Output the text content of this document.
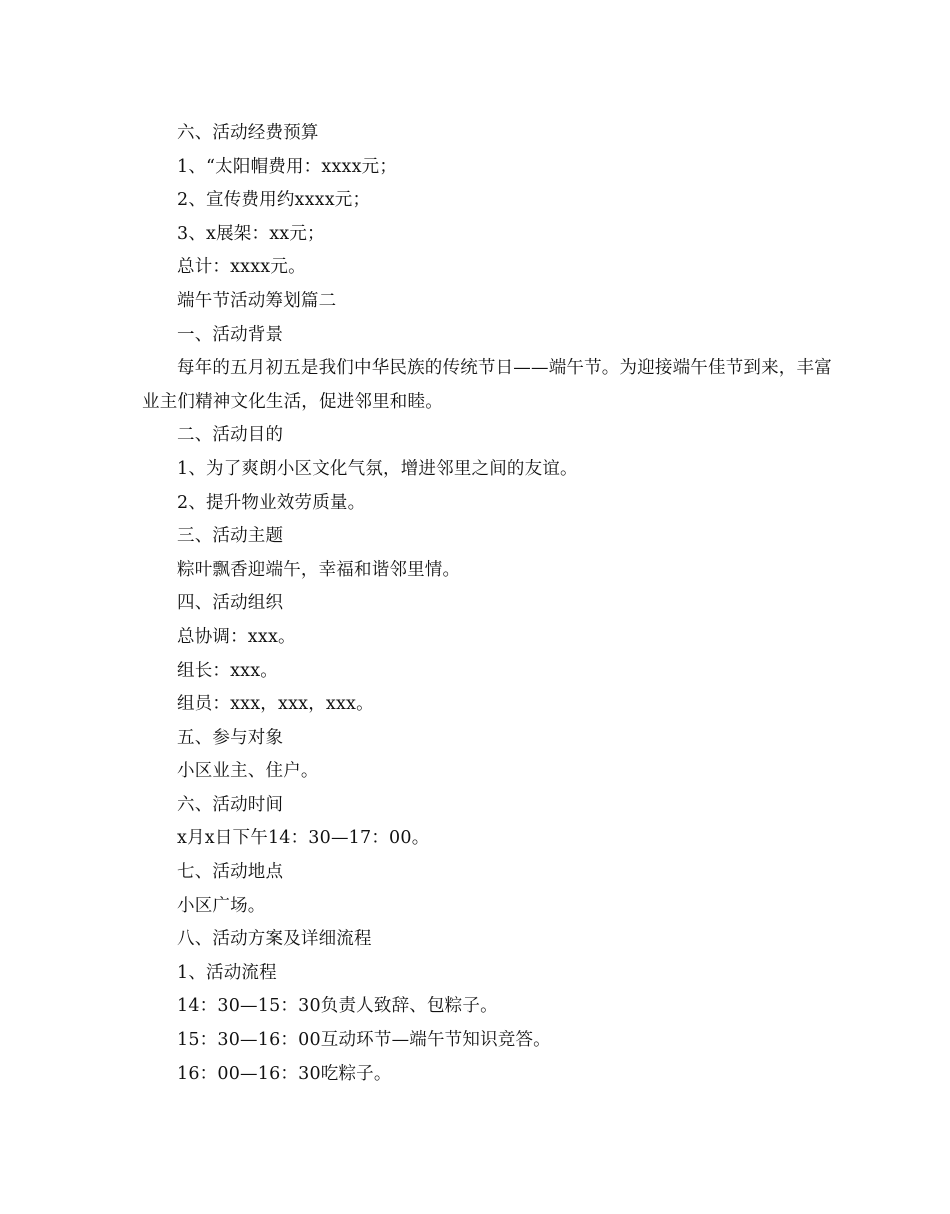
六、活动经费预算
1、“太阳帽费用：xxxx元；
2、宣传费用约xxxx元；
3、x展架：xx元；
总计：xxxx元。
端午节活动筹划篇二
一、活动背景
每年的五月初五是我们中华民族的传统节日——端午节。为迎接端午佳节到来，丰富业主们精神文化生活，促进邻里和睦。
二、活动目的
1、为了爽朗小区文化气氛，增进邻里之间的友谊。
2、提升物业效劳质量。
三、活动主题
粽叶飘香迎端午，幸福和谐邻里情。
四、活动组织
总协调：xxx。
组长：xxx。
组员：xxx，xxx，xxx。
五、参与对象
小区业主、住户。
六、活动时间
x月x日下午14：30—17：00。
七、活动地点
小区广场。
八、活动方案及详细流程
1、活动流程
14：30—15：30负责人致辞、包粽子。
15：30—16：00互动环节—端午节知识竞答。
16：00—16：30吃粽子。
